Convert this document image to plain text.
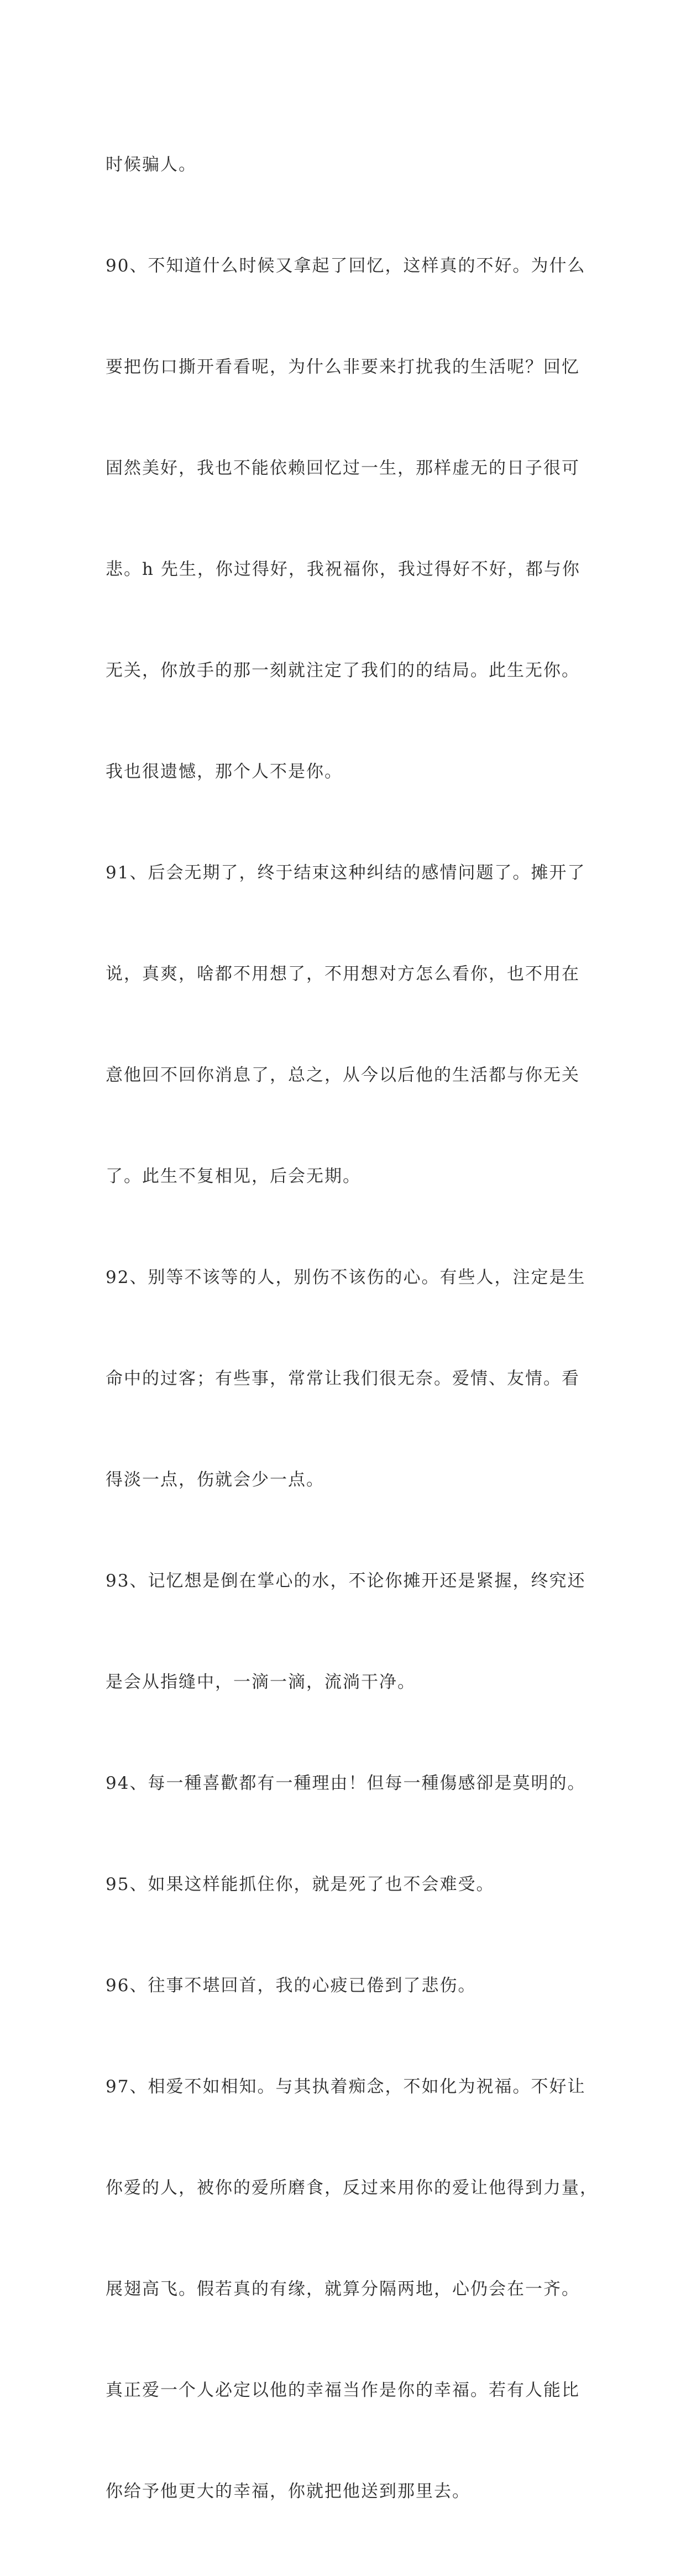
时候骗人。

90、不知道什么时候又拿起了回忆，这样真的不好。为什么

要把伤口撕开看看呢，为什么非要来打扰我的生活呢？回忆

固然美好，我也不能依赖回忆过一生，那样虚无的日子很可

悲。h 先生，你过得好，我祝福你，我过得好不好，都与你

无关，你放手的那一刻就注定了我们的的结局。此生无你。

我也很遗憾，那个人不是你。

91、后会无期了，终于结束这种纠结的感情问题了。摊开了

说，真爽，啥都不用想了，不用想对方怎么看你，也不用在

意他回不回你消息了，总之，从今以后他的生活都与你无关

了。此生不复相见，后会无期。

92、别等不该等的人，别伤不该伤的心。有些人，注定是生

命中的过客；有些事，常常让我们很无奈。爱情、友情。看

得淡一点，伤就会少一点。

93、记忆想是倒在掌心的水，不论你摊开还是紧握，终究还

是会从指缝中，一滴一滴，流淌干净。

94、每一種喜歡都有一種理由！但每一種傷感卻是莫明的。

95、如果这样能抓住你，就是死了也不会难受。

96、往事不堪回首，我的心疲已倦到了悲伤。

97、相爱不如相知。与其执着痴念，不如化为祝福。不好让

你爱的人，被你的爱所磨食，反过来用你的爱让他得到力量，

展翅高飞。假若真的有缘，就算分隔两地，心仍会在一齐。

真正爱一个人必定以他的幸福当作是你的幸福。若有人能比

你给予他更大的幸福，你就把他送到那里去。
